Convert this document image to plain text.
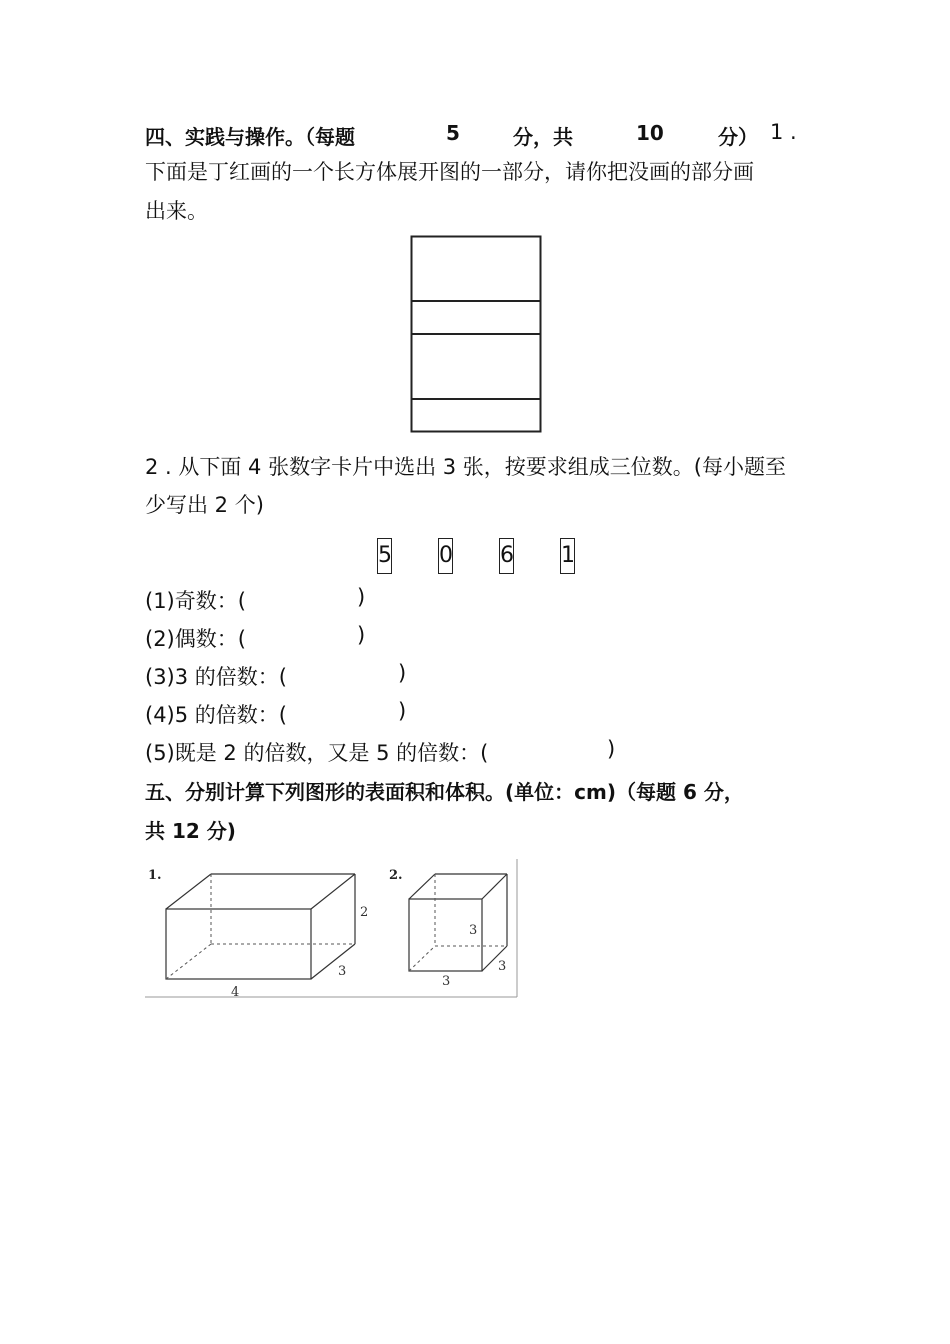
四、实践与操作。（每题	5	分，共	10	分） 1 .
下面是丁红画的一个长方体展开图的一部分，请你把没画的部分画
出来。
2 . 从下面 4 张数字卡片中选出 3 张，按要求组成三位数。(每小题至
少写出 2 个)
5 0 6 1
(1)奇数：(	)
(2)偶数：(	)
(3)3 的倍数：(	)
(4)5 的倍数：(	)
(5)既是 2 的倍数，又是 5 的倍数：(	)
五、分别计算下列图形的表面积和体积。(单位：cm)（每题 6 分，
共 12 分)
1.
2
3
4
2.
3
3
3
